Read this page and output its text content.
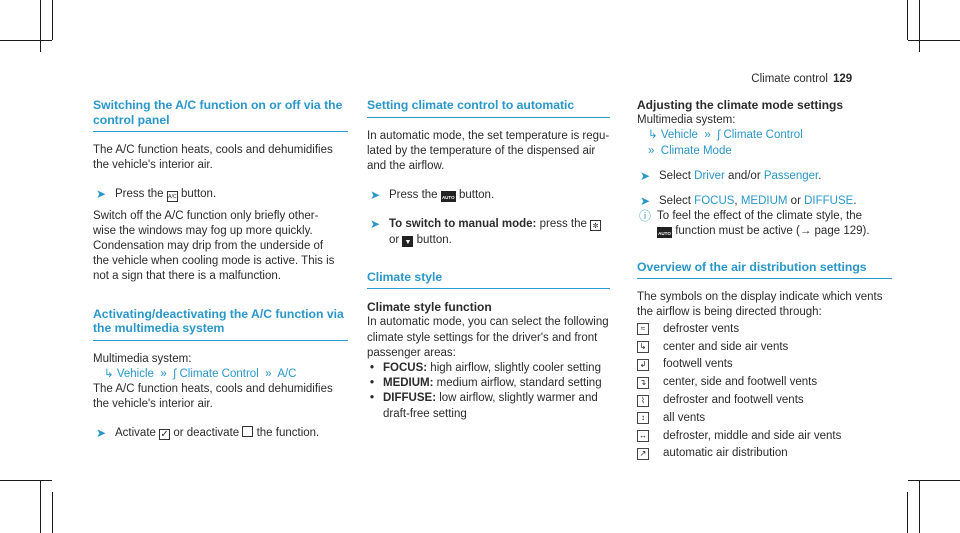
Climate control 129
Switching the A/C function on or off via the
control panel

The A/C function heats, cools and dehumidifies
the vehicle's interior air.

➤ Press the A/C button.

Switch off the A/C function only briefly other-
wise the windows may fog up more quickly.

Condensation may drip from the underside of
the vehicle when cooling mode is active. This is
not a sign that there is a malfunction.

Activating/deactivating the A/C function via
the multimedia system

Multimedia system:

↳ Vehicle  »  ∫ Climate Control  »  A/C

The A/C function heats, cools and dehumidifies
the vehicle's interior air.

➤ Activate ✓ or deactivate the function.
Setting climate control to automatic

In automatic mode, the set temperature is regu-
lated by the temperature of the dispensed air
and the airflow.

➤ Press the AUTO button.
➤ To switch to manual mode: press the ✼
or ▼ button.
Climate style
Climate style function

In automatic mode, you can select the following
climate style settings for the driver's and front
passenger areas:

• FOCUS: high airflow, slightly cooler setting
• MEDIUM: medium airflow, standard setting
• DIFFUSE: low airflow, slightly warmer and
draft-free setting
Adjusting the climate mode settings

Multimedia system:

↳ Vehicle  »  ∫ Climate Control
»  Climate Mode
➤ Select Driver and/or Passenger.
➤ Select FOCUS, MEDIUM or DIFFUSE.
ⓘ To feel the effect of the climate style, the
AUTO function must be active (→ page 129).
Overview of the air distribution settings

The symbols on the display indicate which vents
the airflow is being directed through:

≈	defroster vents
↳ center and side air vents
↲ footwell vents
↴ center, side and footwell vents
⌇	defroster and footwell vents
↕	all vents
↔ defroster, middle and side air vents
↗ automatic air distribution
